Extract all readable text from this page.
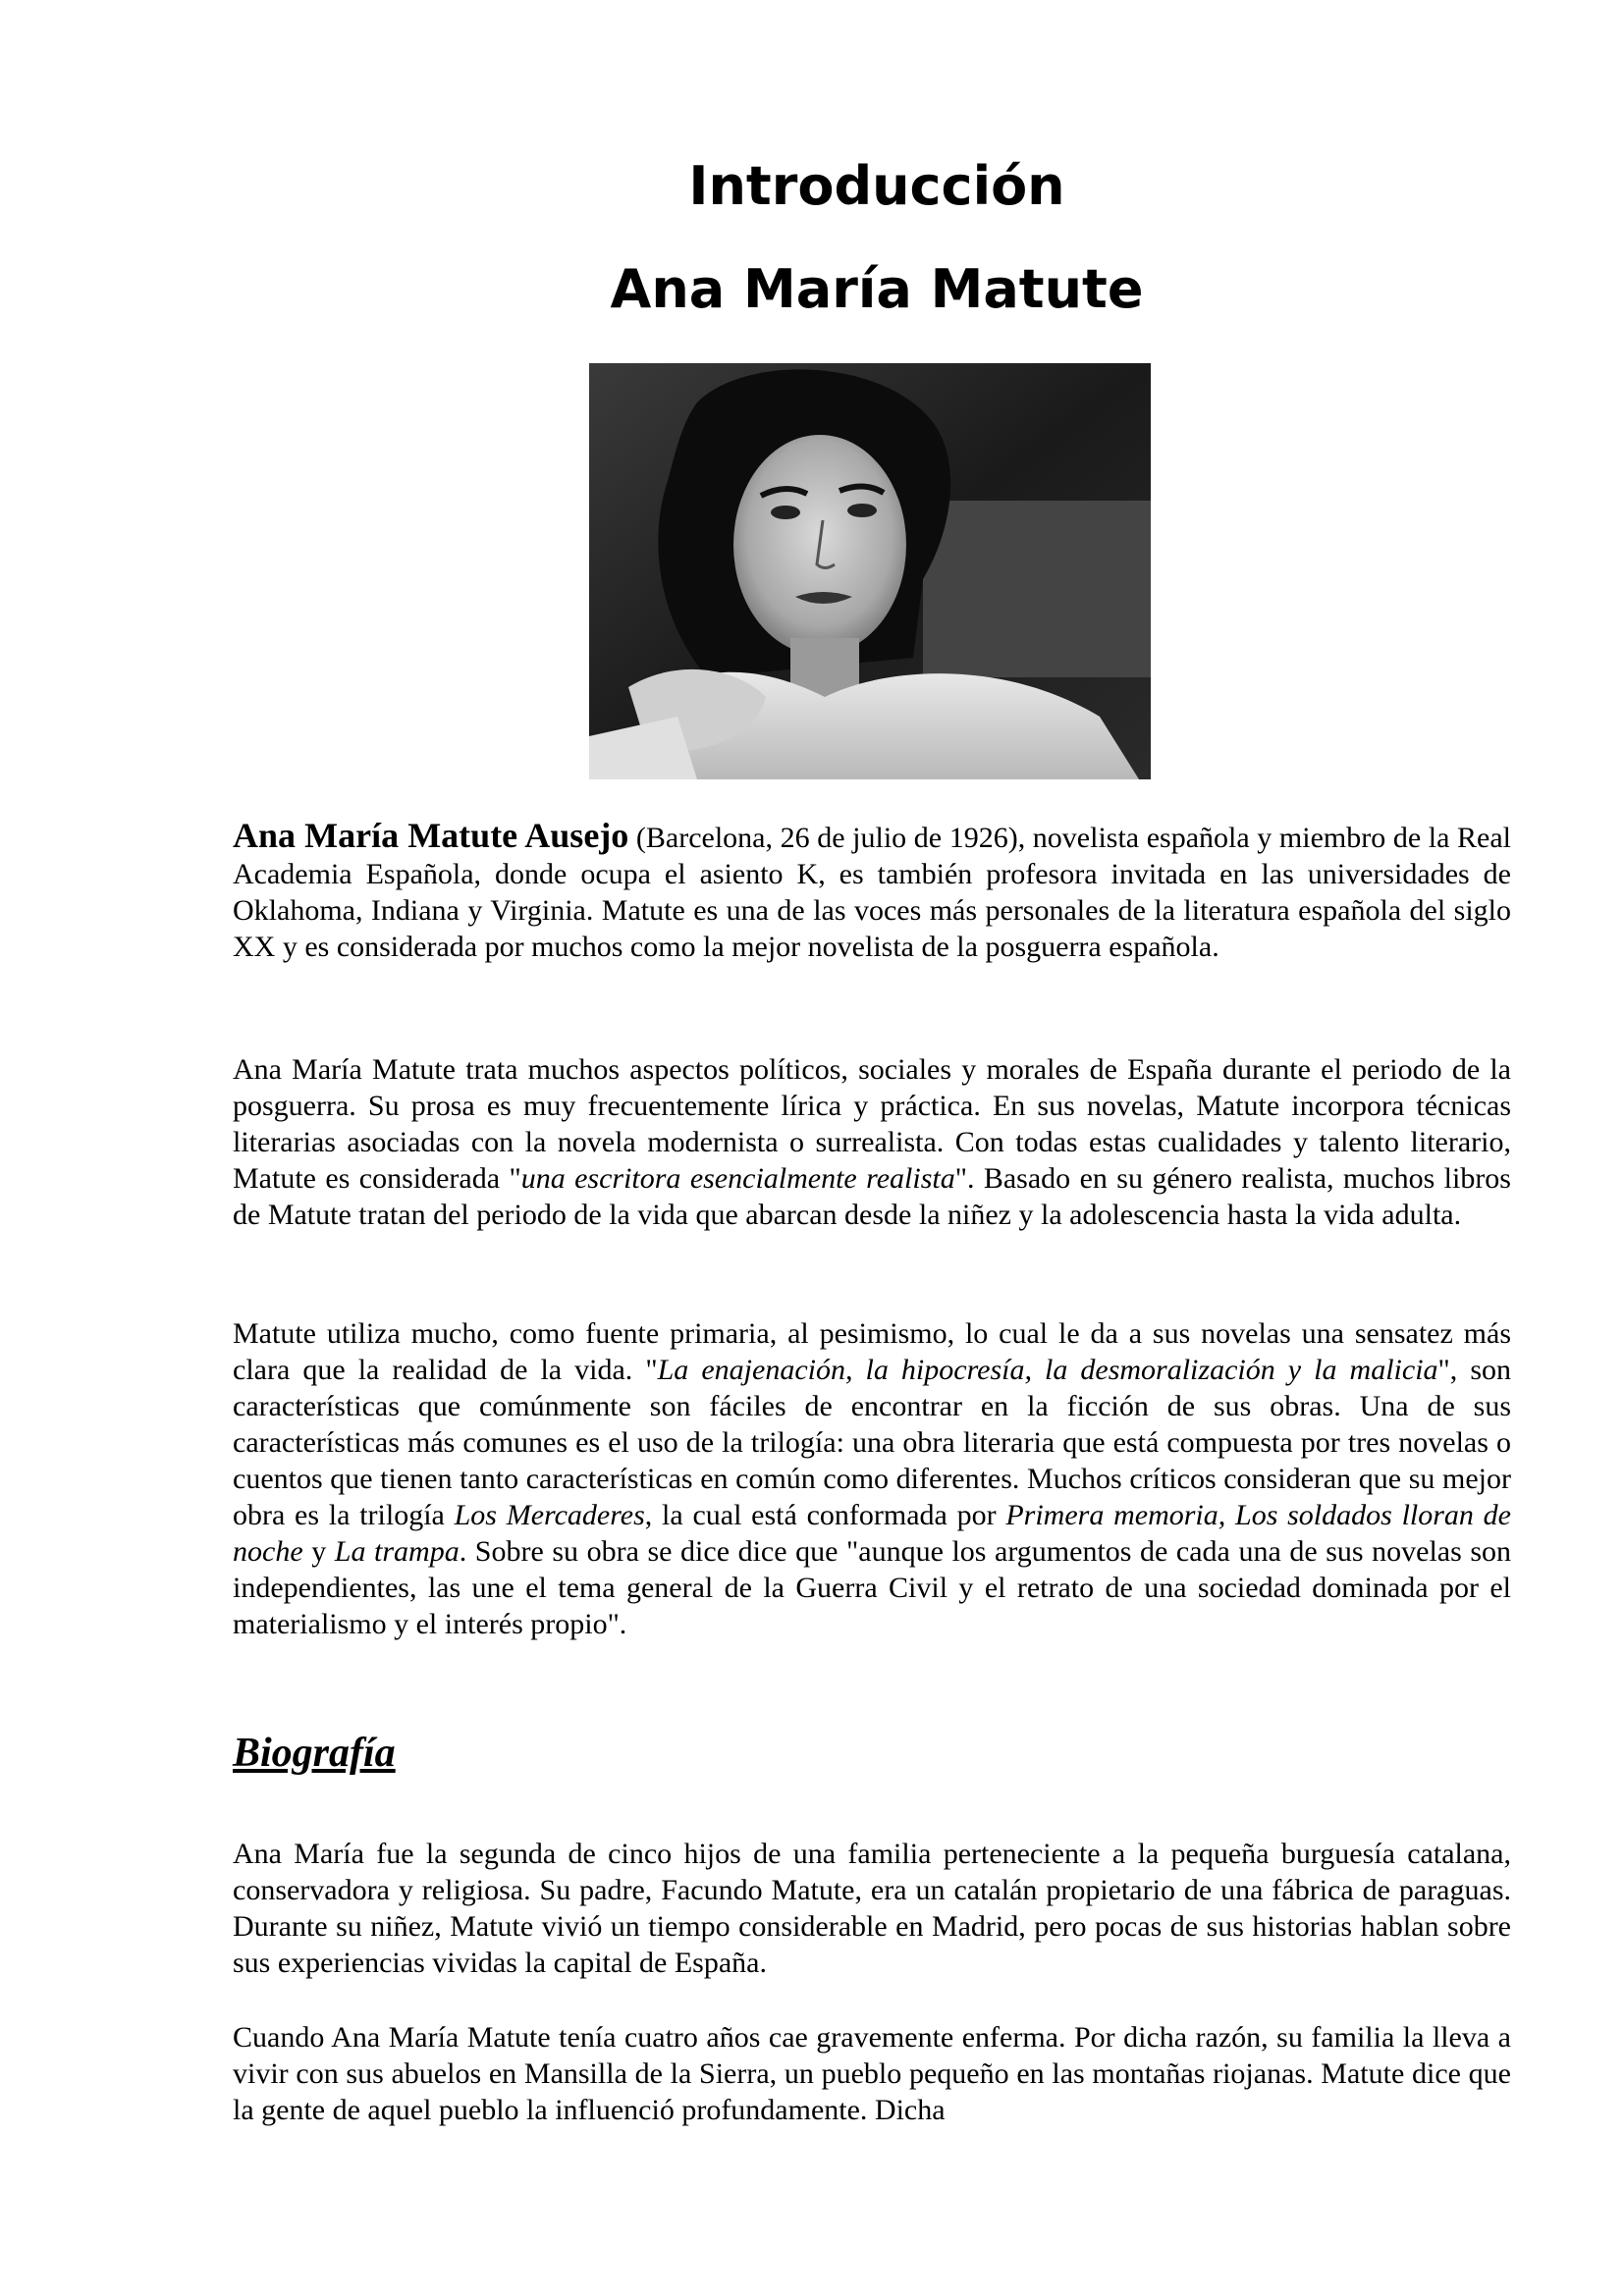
Introducción
Ana María Matute

Ana María Matute Ausejo (Barcelona, 26 de julio de 1926), novelista española y miembro de la Real Academia Española, donde ocupa el asiento K, es también profesora invitada en las universidades de Oklahoma, Indiana y Virginia. Matute es una de las voces más personales de la literatura española del siglo XX y es considerada por muchos como la mejor novelista de la posguerra española.

Ana María Matute trata muchos aspectos políticos, sociales y morales de España durante el periodo de la posguerra. Su prosa es muy frecuentemente lírica y práctica. En sus novelas, Matute incorpora técnicas literarias asociadas con la novela modernista o surrealista. Con todas estas cualidades y talento literario, Matute es considerada "una escritora esencialmente realista". Basado en su género realista, muchos libros de Matute tratan del periodo de la vida que abarcan desde la niñez y la adolescencia hasta la vida adulta.

Matute utiliza mucho, como fuente primaria, al pesimismo, lo cual le da a sus novelas una sensatez más clara que la realidad de la vida. "La enajenación, la hipocresía, la desmoralización y la malicia", son características que comúnmente son fáciles de encontrar en la ficción de sus obras. Una de sus características más comunes es el uso de la trilogía: una obra literaria que está compuesta por tres novelas o cuentos que tienen tanto características en común como diferentes. Muchos críticos consideran que su mejor obra es la trilogía Los Mercaderes, la cual está conformada por Primera memoria, Los soldados lloran de noche y La trampa. Sobre su obra se dice dice que "aunque los argumentos de cada una de sus novelas son independientes, las une el tema general de la Guerra Civil y el retrato de una sociedad dominada por el materialismo y el interés propio".

Biografía

Ana María fue la segunda de cinco hijos de una familia perteneciente a la pequeña burguesía catalana, conservadora y religiosa. Su padre, Facundo Matute, era un catalán propietario de una fábrica de paraguas. Durante su niñez, Matute vivió un tiempo considerable en Madrid, pero pocas de sus historias hablan sobre sus experiencias vividas la capital de España.

Cuando Ana María Matute tenía cuatro años cae gravemente enferma. Por dicha razón, su familia la lleva a vivir con sus abuelos en Mansilla de la Sierra, un pueblo pequeño en las montañas riojanas. Matute dice que la gente de aquel pueblo la influenció profundamente. Dicha
